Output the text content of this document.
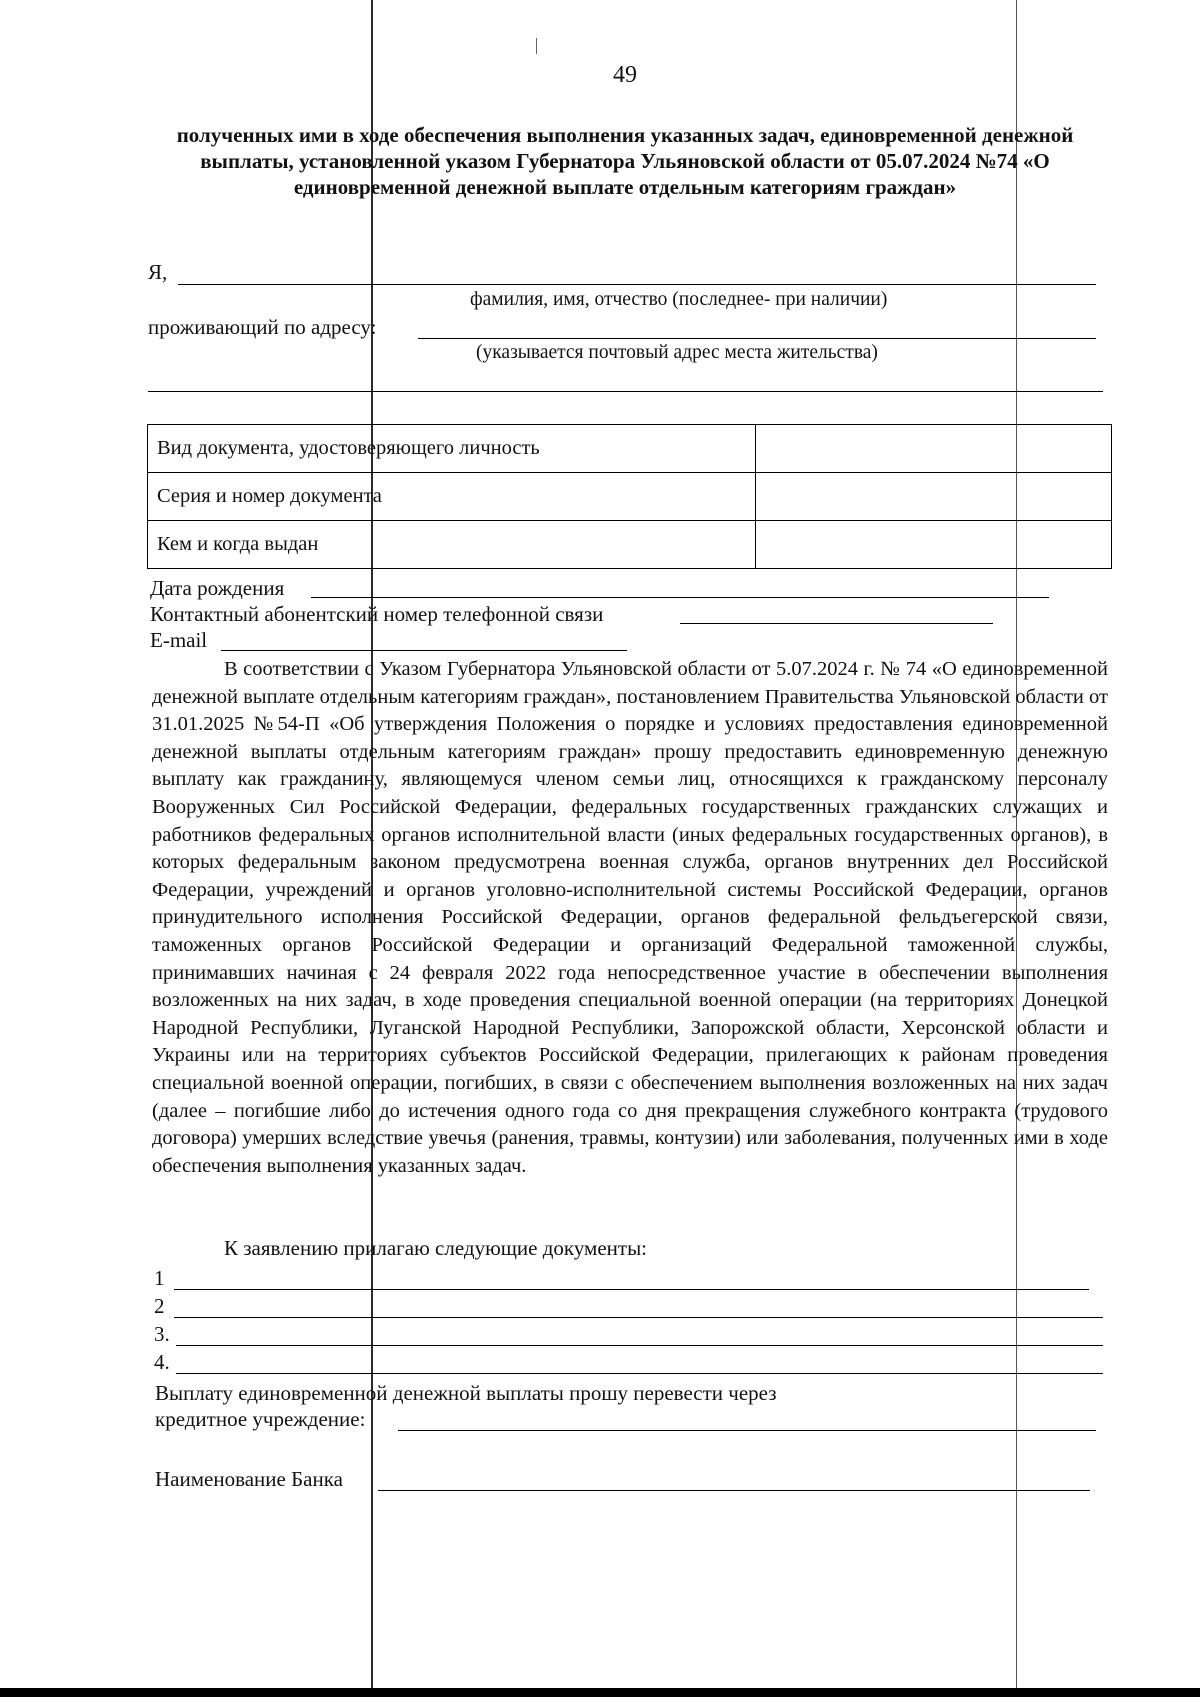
49
полученных ими в ходе обеспечения выполнения указанных задач, единовременной денежной выплаты, установленной указом Губернатора Ульяновской области от 05.07.2024 №74 «О единовременной денежной выплате отдельным категориям граждан»
Я,
фамилия, имя, отчество (последнее- при наличии)
проживающий по адресу:
(указывается почтовый адрес места жительства)
Вид документа, удостоверяющего личность	
Серия и номер документа	
Кем и когда выдан	
Дата рождения
Контактный абонентский номер телефонной связи
E-mail
В соответствии с Указом Губернатора Ульяновской области от 5.07.2024 г. № 74 «О единовременной денежной выплате отдельным категориям граждан», постановлением Правительства Ульяновской области от 31.01.2025 №54-П «Об утверждения Положения о порядке и условиях предоставления единовременной денежной выплаты отдельным категориям граждан» прошу предоставить единовременную денежную выплату как гражданину, являющемуся членом семьи лиц, относящихся к гражданскому персоналу Вооруженных Сил Российской Федерации, федеральных государственных гражданских служащих и работников федеральных органов исполнительной власти (иных федеральных государственных органов), в которых федеральным законом предусмотрена военная служба, органов внутренних дел Российской Федерации, учреждений и органов уголовно-исполнительной системы Российской Федерации, органов принудительного исполнения Российской Федерации, органов федеральной фельдъегерской связи, таможенных органов Российской Федерации и организаций Федеральной таможенной службы, принимавших начиная с 24 февраля 2022 года непосредственное участие в обеспечении выполнения возложенных на них задач, в ходе проведения специальной военной операции (на территориях Донецкой Народной Республики, Луганской Народной Республики, Запорожской области, Херсонской области и Украины или на территориях субъектов Российской Федерации, прилегающих к районам проведения специальной военной операции, погибших, в связи с обеспечением выполнения возложенных на них задач (далее – погибшие либо до истечения одного года со дня прекращения служебного контракта (трудового договора) умерших вследствие увечья (ранения, травмы, контузии) или заболевания, полученных ими в ходе обеспечения выполнения указанных задач.
К заявлению прилагаю следующие документы:
1
2
3.
4.
Выплату единовременной денежной выплаты прошу перевести через
кредитное учреждение:
Наименование Банка
